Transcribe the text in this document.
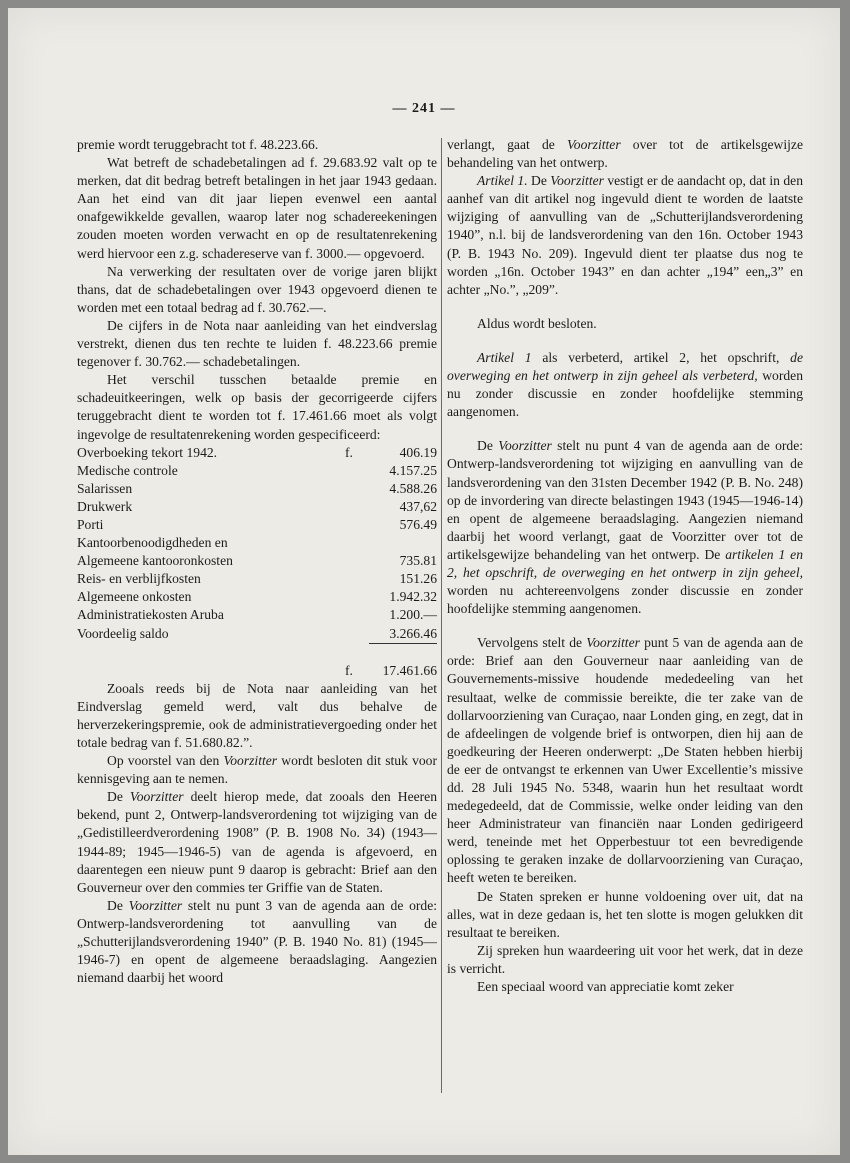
— 241 —

premie wordt teruggebracht tot f. 48.223.66.

Wat betreft de schadebetalingen ad f. 29.683.92 valt op te merken, dat dit bedrag betreft betalingen in het jaar 1943 gedaan. Aan het eind van dit jaar liepen evenwel een aantal onafgewikkelde gevallen, waarop later nog schadereekeningen zouden moeten worden verwacht en op de resultatenrekening werd hiervoor een z.g. schadereserve van f. 3000.— opgevoerd.

Na verwerking der resultaten over de vorige jaren blijkt thans, dat de schadebetalingen over 1943 opgevoerd dienen te worden met een totaal bedrag ad f. 30.762.—.

De cijfers in de Nota naar aanleiding van het eindverslag verstrekt, dienen dus ten rechte te luiden f. 48.223.66 premie tegenover f. 30.762.— schadebetalingen.

Het verschil tusschen betaalde premie en schadeuitkeeringen, welk op basis der gecorrigeerde cijfers teruggebracht dient te worden tot f. 17.461.66 moet als volgt ingevolge de resultatenrekening worden gespecificeerd:

Overboeking tekort 1942.	f.	406.19
Medische controle		4.157.25
Salarissen		4.588.26
Drukwerk		437,62
Porti		576.49
Kantoorbenoodigdheden en		
Algemeene kantooronkosten		735.81
Reis- en verblijfkosten		151.26
Algemeene onkosten		1.942.32
Administratiekosten Aruba		1.200.—
Voordeelig saldo		3.266.46

	f.	17.461.66

Zooals reeds bij de Nota naar aanleiding van het Eindverslag gemeld werd, valt dus behalve de herverzekeringspremie, ook de administratievergoeding onder het totale bedrag van f. 51.680.82.”.

Op voorstel van den Voorzitter wordt besloten dit stuk voor kennisgeving aan te nemen.

De Voorzitter deelt hierop mede, dat zooals den Heeren bekend, punt 2, Ontwerp-landsverordening tot wijziging van de „Gedistilleerdverordening 1908” (P. B. 1908 No. 34) (1943—1944-89; 1945—1946-5) van de agenda is afgevoerd, en daarentegen een nieuw punt 9 daarop is gebracht: Brief aan den Gouverneur over den commies ter Griffie van de Staten.

De Voorzitter stelt nu punt 3 van de agenda aan de orde: Ontwerp-landsverordening tot aanvulling van de „Schutterijlandsverordening 1940” (P. B. 1940 No. 81) (1945—1946-7) en opent de algemeene beraadslaging. Aangezien niemand daarbij het woord

verlangt, gaat de Voorzitter over tot de artikelsgewijze behandeling van het ontwerp.

Artikel 1. De Voorzitter vestigt er de aandacht op, dat in den aanhef van dit artikel nog ingevuld dient te worden de laatste wijziging of aanvulling van de „Schutterijlandsverordening 1940”, n.l. bij de landsverordening van den 16n. October 1943 (P. B. 1943 No. 209). Ingevuld dient ter plaatse dus nog te worden „16n. October 1943” en dan achter „194” een„3” en achter „No.”, „209”.

Aldus wordt besloten.

Artikel 1 als verbeterd, artikel 2, het opschrift, de overweging en het ontwerp in zijn geheel als verbeterd, worden nu zonder discussie en zonder hoofdelijke stemming aangenomen.

De Voorzitter stelt nu punt 4 van de agenda aan de orde: Ontwerp-landsverordening tot wijziging en aanvulling van de landsverordening van den 31sten December 1942 (P. B. No. 248) op de invordering van directe belastingen 1943 (1945—1946-14) en opent de algemeene beraadslaging. Aangezien niemand daarbij het woord verlangt, gaat de Voorzitter over tot de artikelsgewijze behandeling van het ontwerp. De artikelen 1 en 2, het opschrift, de overweging en het ontwerp in zijn geheel, worden nu achtereenvolgens zonder discussie en zonder hoofdelijke stemming aangenomen.

Vervolgens stelt de Voorzitter punt 5 van de agenda aan de orde: Brief aan den Gouverneur naar aanleiding van de Gouvernements-missive houdende mededeeling van het resultaat, welke de commissie bereikte, die ter zake van de dollarvoorziening van Curaçao, naar Londen ging, en zegt, dat in de afdeelingen de volgende brief is ontworpen, dien hij aan de goedkeuring der Heeren onderwerpt: „De Staten hebben hierbij de eer de ontvangst te erkennen van Uwer Excellentie’s missive dd. 28 Juli 1945 No. 5348, waarin hun het resultaat wordt medegedeeld, dat de Commissie, welke onder leiding van den heer Administrateur van financiën naar Londen gedirigeerd werd, teneinde met het Opperbestuur tot een bevredigende oplossing te geraken inzake de dollarvoorziening van Curaçao, heeft weten te bereiken.

De Staten spreken er hunne voldoening over uit, dat na alles, wat in deze gedaan is, het ten slotte is mogen gelukken dit resultaat te bereiken.

Zij spreken hun waardeering uit voor het werk, dat in deze is verricht.

Een speciaal woord van appreciatie komt zeker
